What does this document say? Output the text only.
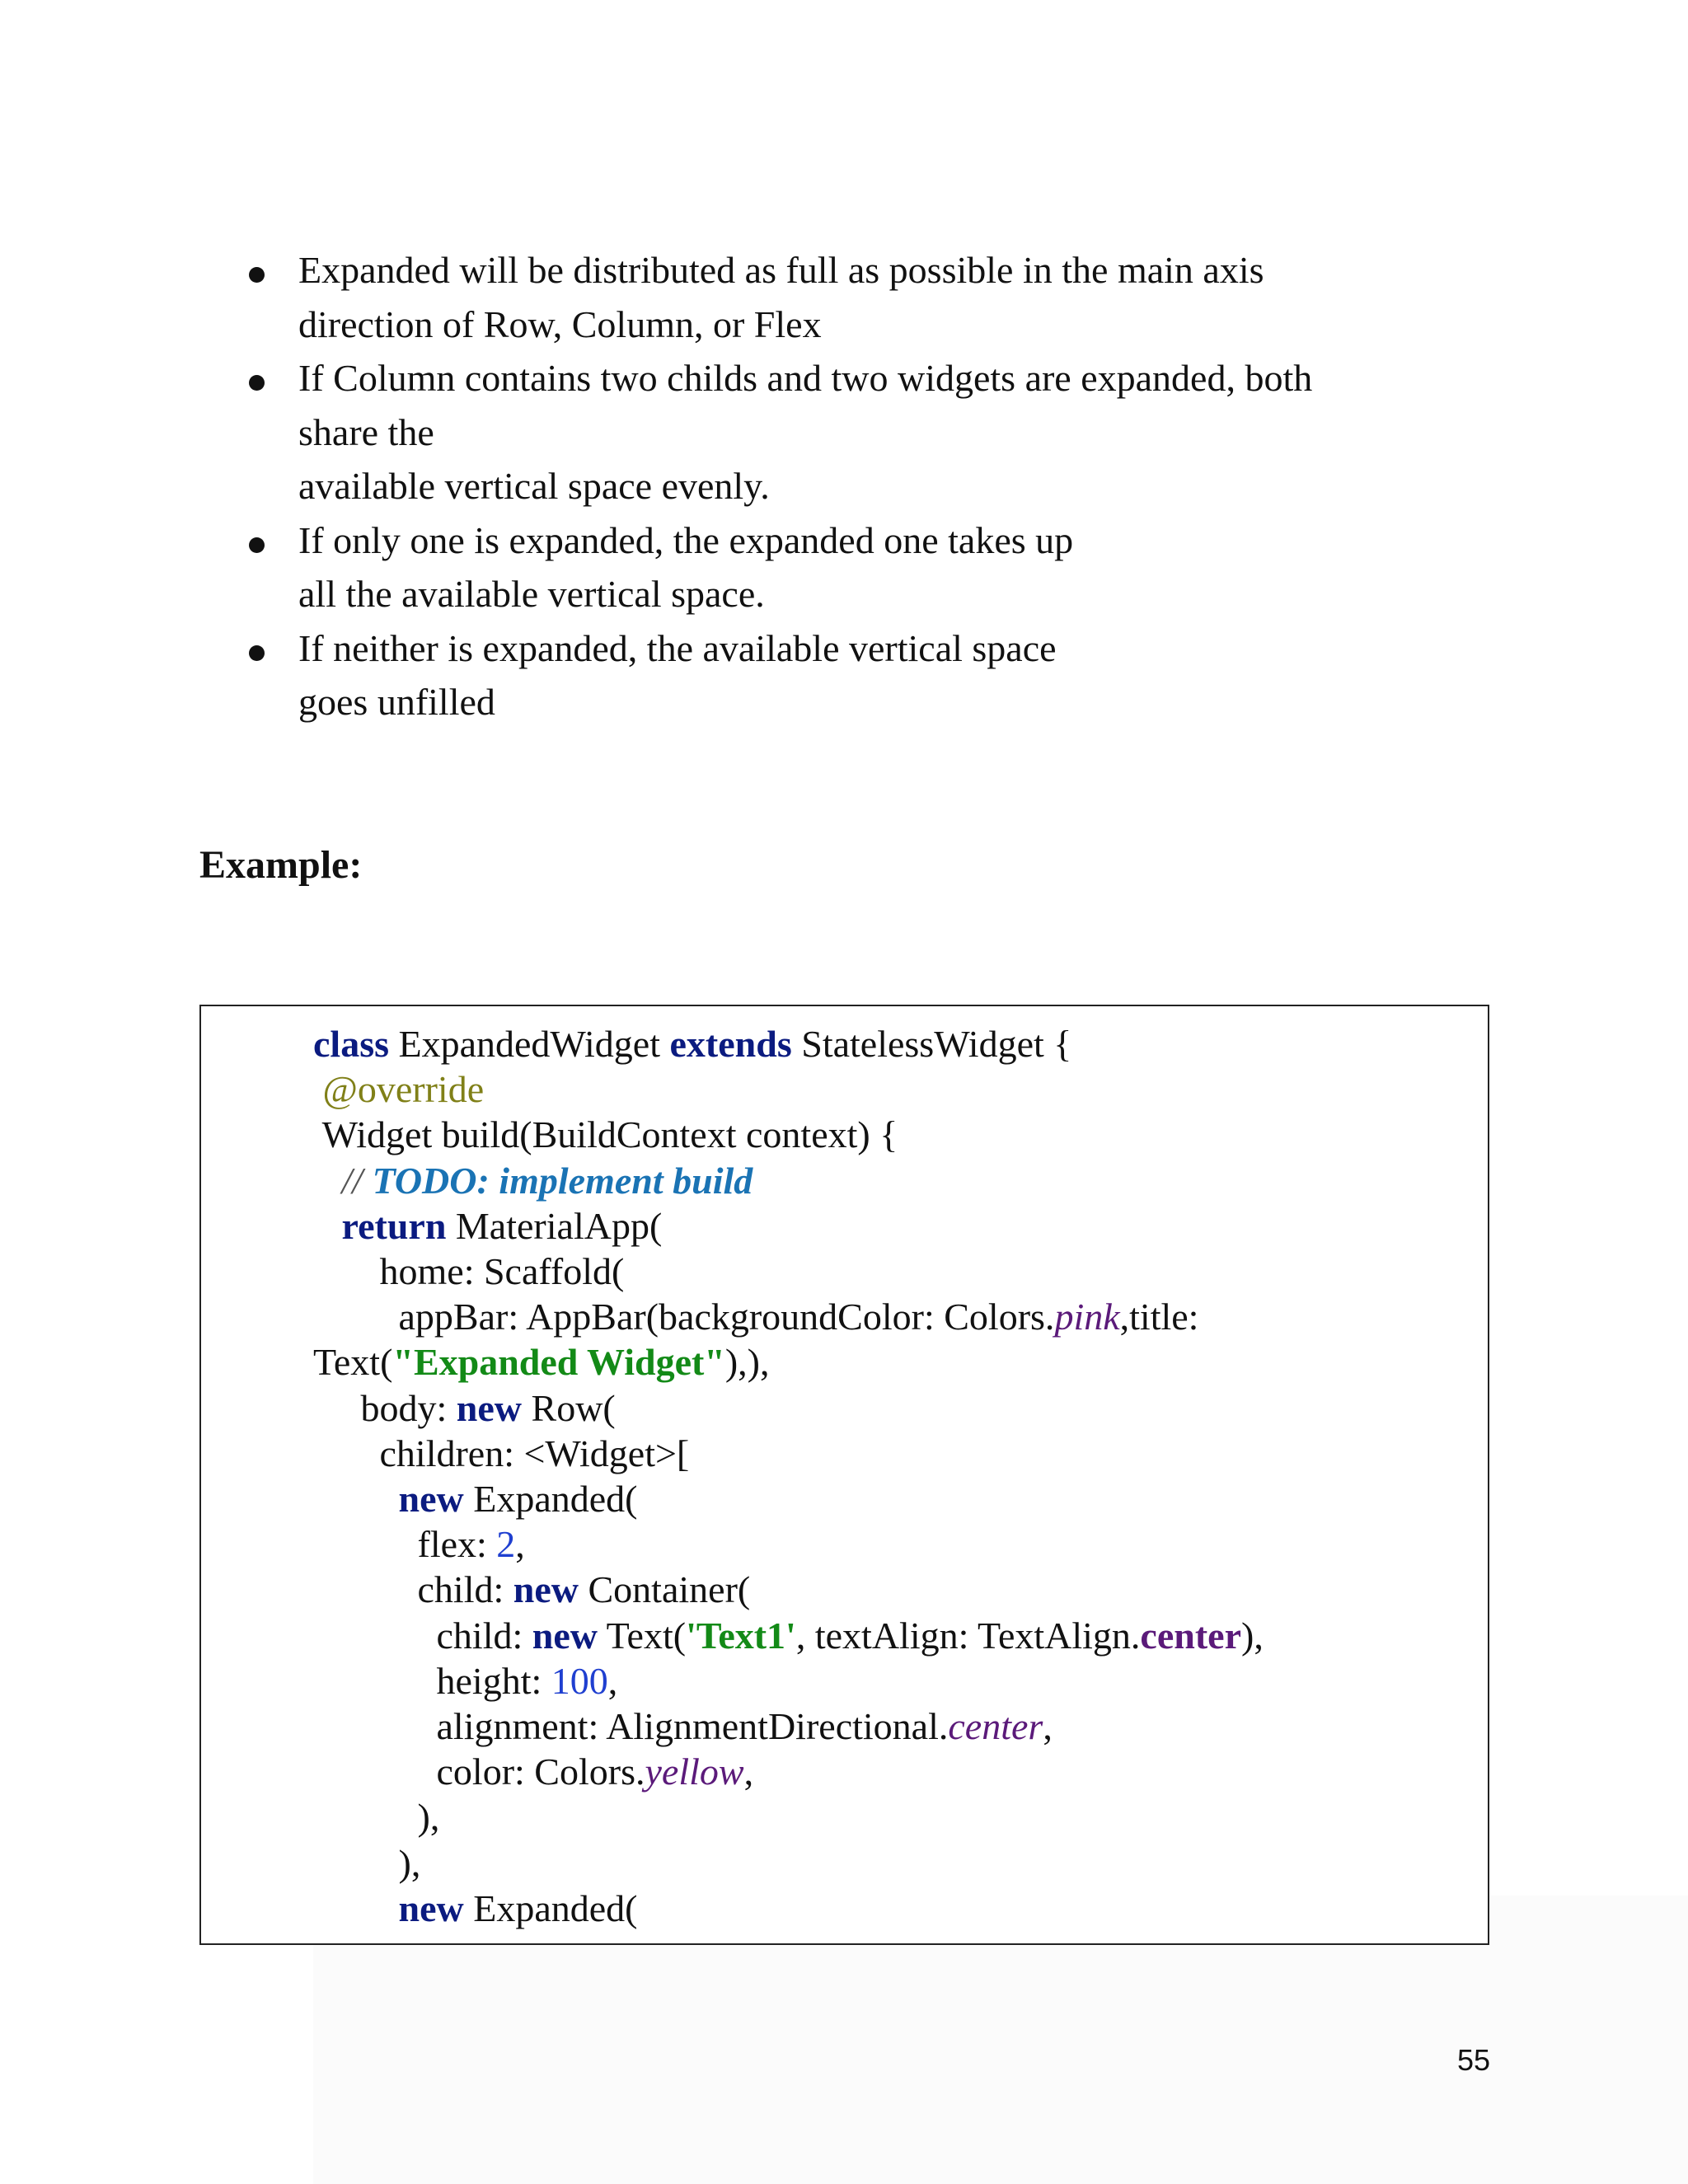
Expanded will be distributed as full as possible in the main axis
direction of Row, Column, or Flex
If Column contains two childs and two widgets are expanded, both
share the
available vertical space evenly.
If only one is expanded, the expanded one takes up
all the available vertical space.
If neither is expanded, the available vertical space
goes unfilled
Example:
class ExpandedWidget extends StatelessWidget {
@override
Widget build(BuildContext context) {
// TODO: implement build
return MaterialApp(
home: Scaffold(
appBar: AppBar(backgroundColor: Colors.pink,title:
Text("Expanded Widget"),),
body: new Row(
children: <Widget>[
new Expanded(
flex: 2,
child: new Container(
child: new Text('Text1', textAlign: TextAlign.center),
height: 100,
alignment: AlignmentDirectional.center,
color: Colors.yellow,
),
),
new Expanded(
55
